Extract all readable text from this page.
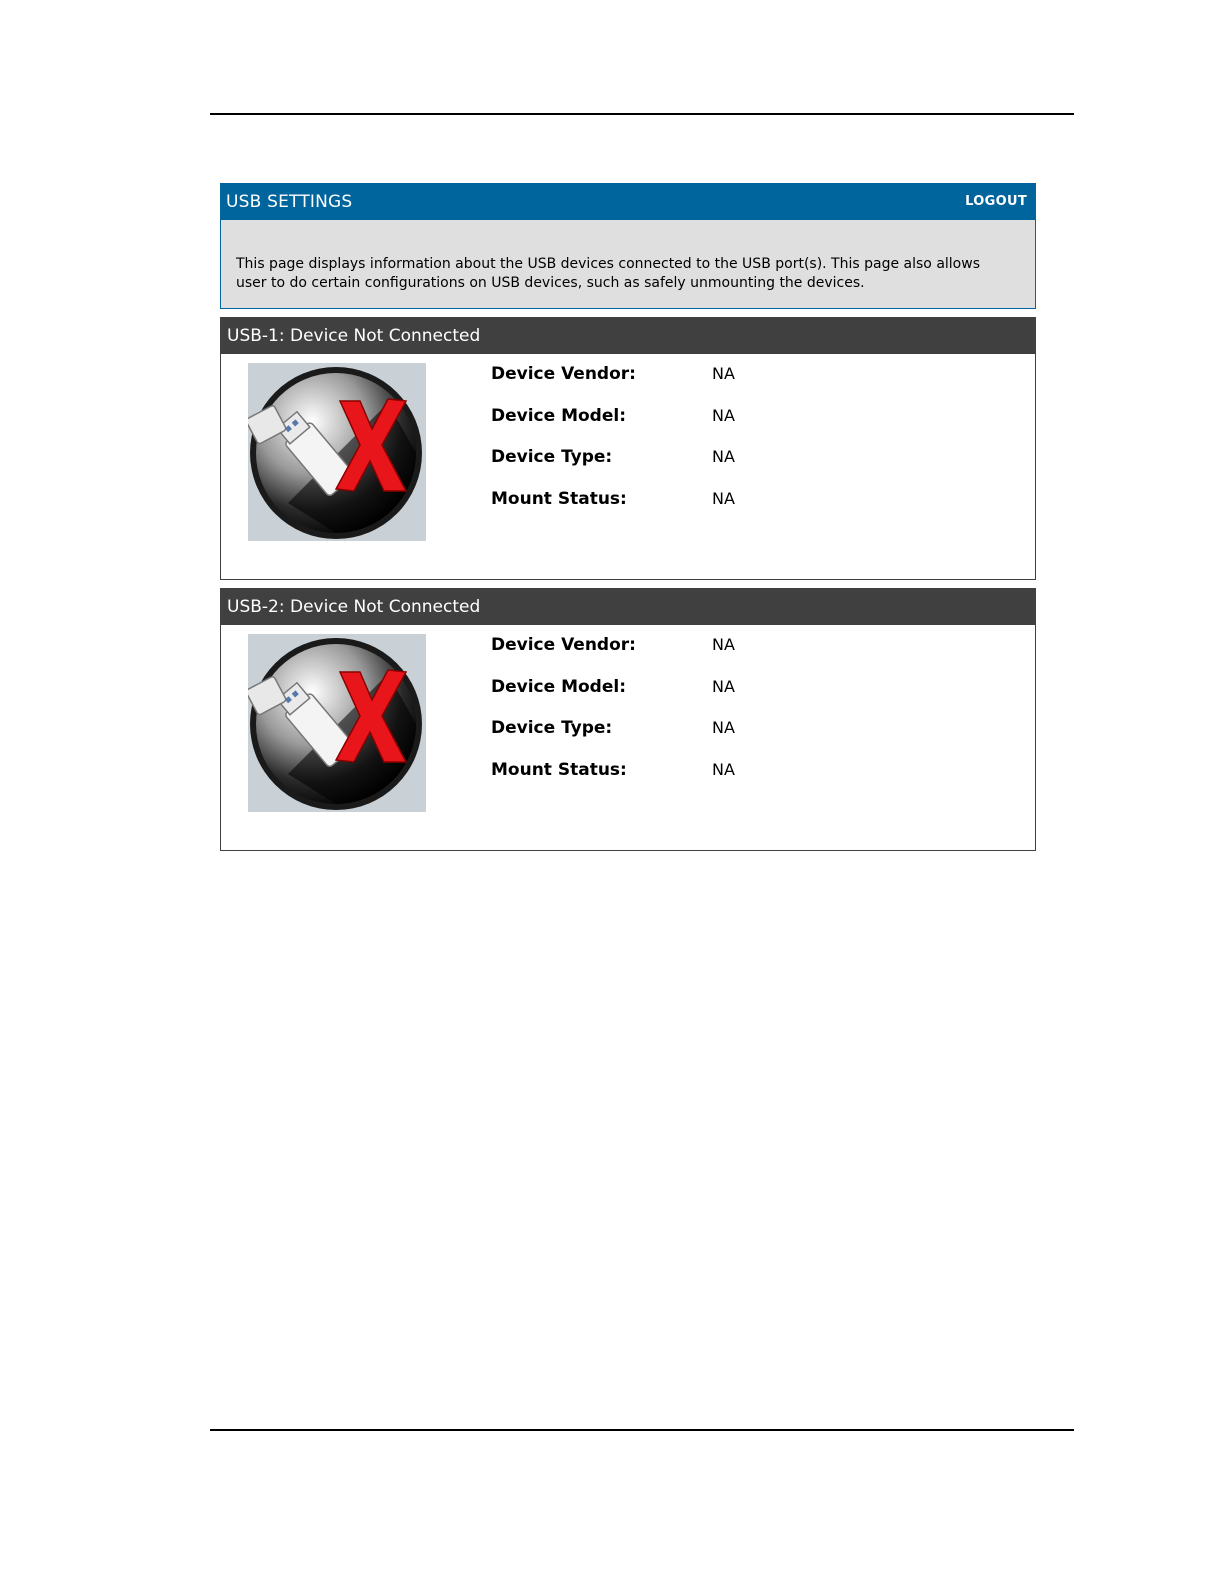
USB SETTINGS	LOGOUT
This page displays information about the USB devices connected to the USB port(s). This page also allows user to do certain configurations on USB devices, such as safely unmounting the devices.
USB-1: Device Not Connected
Device Vendor:	NA
Device Model:	NA
Device Type:	NA
Mount Status:	NA
USB-2: Device Not Connected
Device Vendor:	NA
Device Model:	NA
Device Type:	NA
Mount Status:	NA
